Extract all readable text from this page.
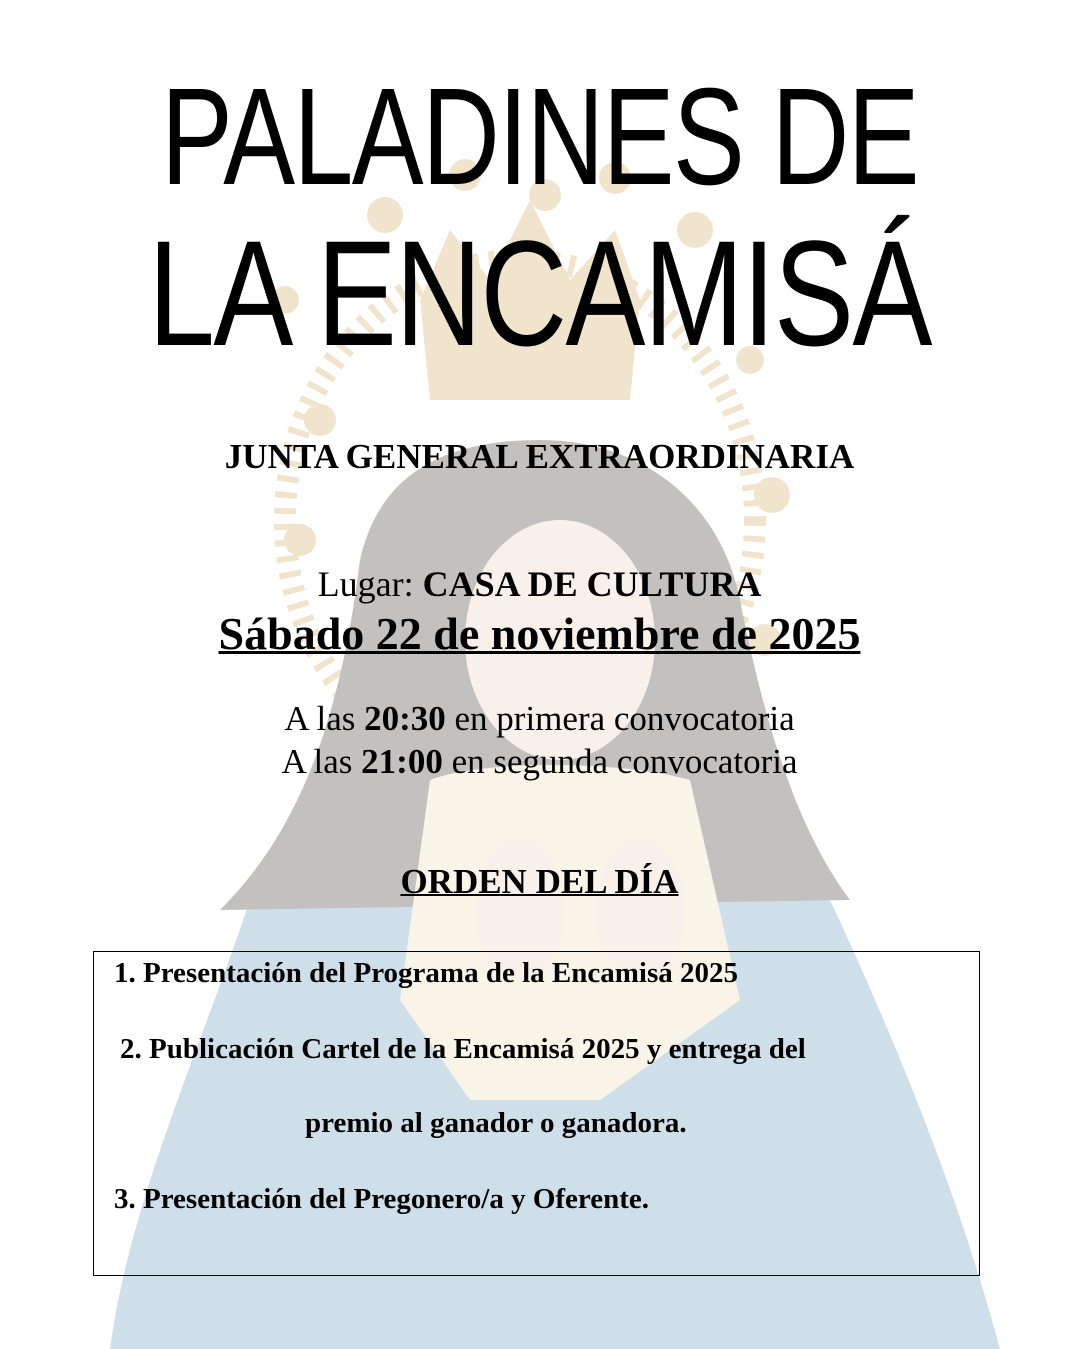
PALADINES DE
LA ENCAMISÁ
JUNTA GENERAL EXTRAORDINARIA
Lugar: CASA DE CULTURA
Sábado 22 de noviembre de 2025
A las 20:30 en primera convocatoria
A las 21:00 en segunda convocatoria
ORDEN DEL DÍA
1. Presentación del Programa de la Encamisá 2025
2. Publicación Cartel de la Encamisá 2025 y entrega del
premio al ganador o ganadora.
3. Presentación del Pregonero/a y Oferente.
